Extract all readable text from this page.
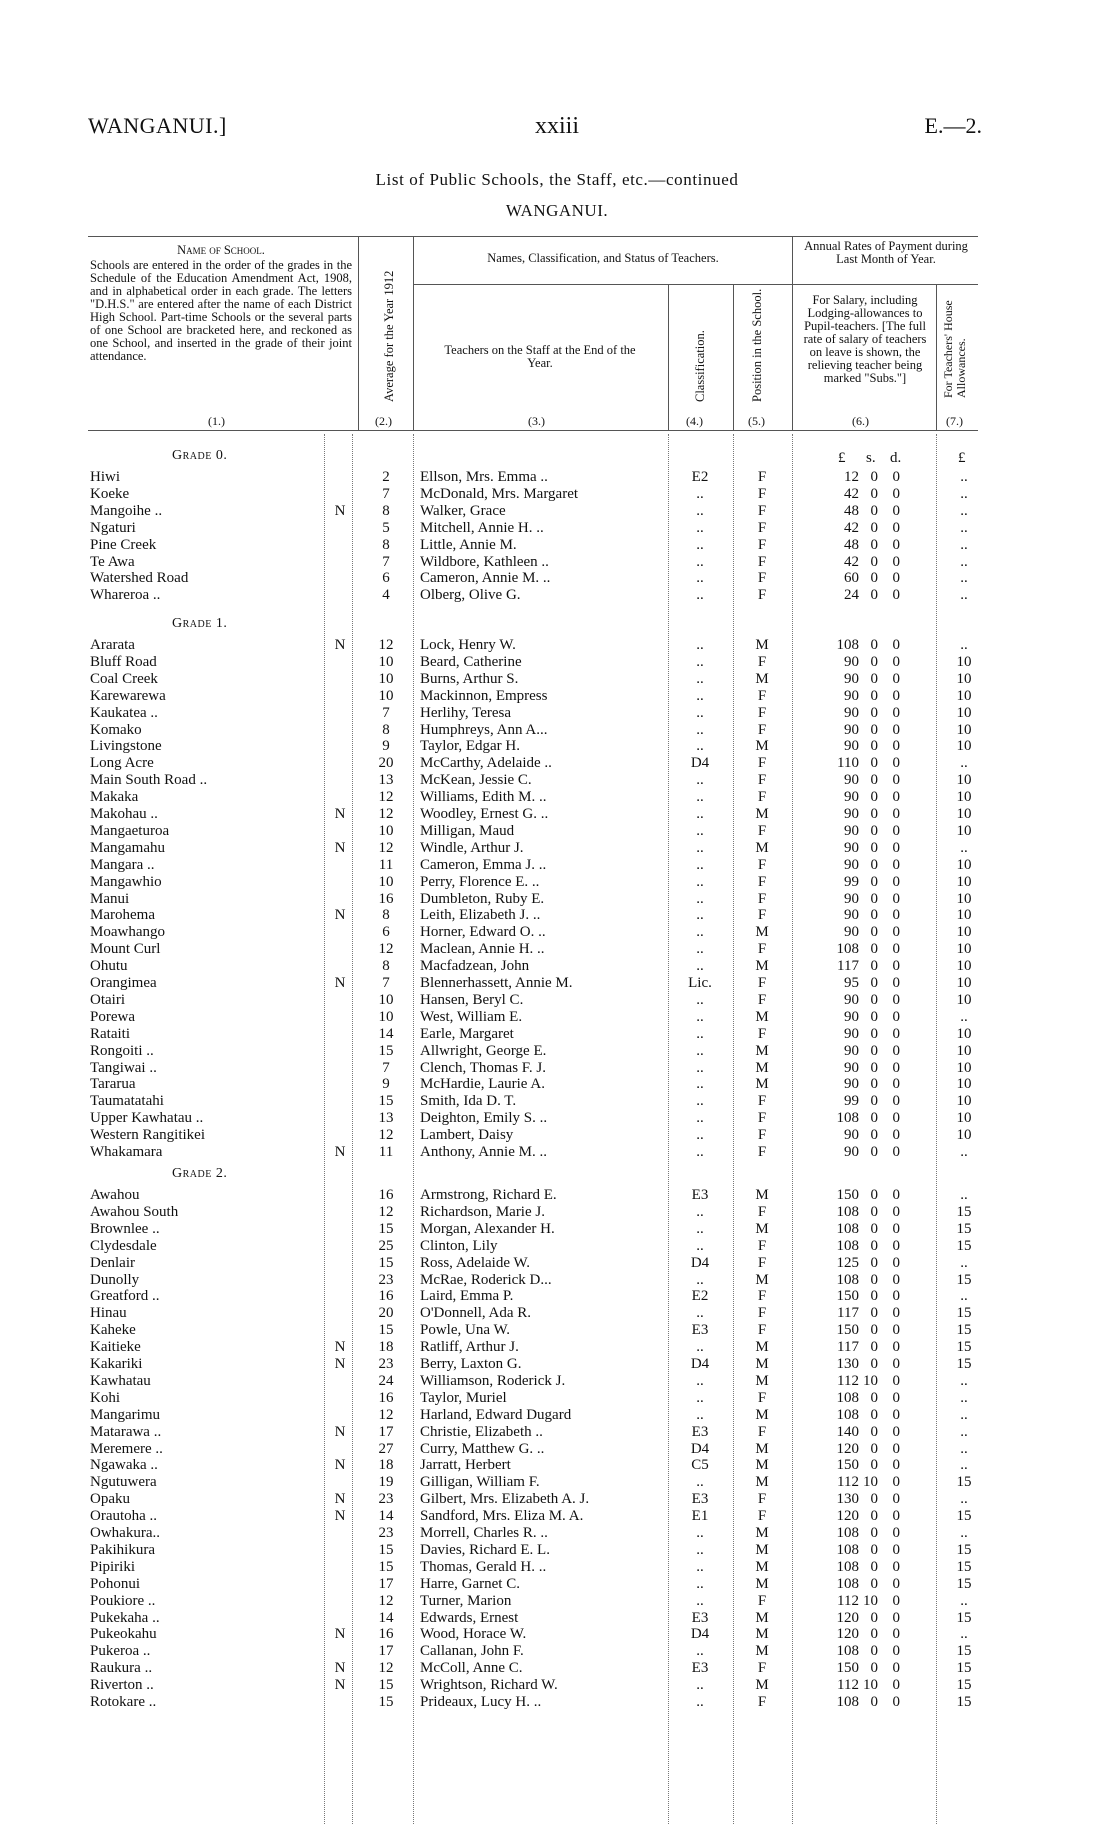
WANGANUI.]	xxiii	E.—2.
List of Public Schools, the Staff, etc.—continued
WANGANUI.
Name of School.
Schools are entered in the order of the grades in the Schedule of the Education Amendment Act, 1908, and in alphabetical order in each grade. The letters "D.H.S." are entered after the name of each District High School. Part-time Schools or the several parts of one School are bracketed here, and reckoned as one School, and inserted in the grade of their joint attendance.	Average for the Year 1912
Names, Classification, and Status of Teachers.
Teachers on the Staff at the End of the Year.	Classification.	Position in the School.
Annual Rates of Payment during Last Month of Year.
For Salary, including Lodging-allowances to Pupil-teachers. [The full rate of salary of teachers on leave is shown, the relieving teacher being marked "Subs."]	For Teachers' House Allowances.
(1.)	(2.)	(3.)	(4.)	(5.)	(6.)	(7.)
£ s. d.	£
Grade 0.
Hiwi	2	Ellson, Mrs. Emma ..	E2	F	12 0 0	..
Koeke	7	McDonald, Mrs. Margaret	..	F	42 0 0	..
Mangoihe ..	N	8	Walker, Grace	..	F	48 0 0	..
Ngaturi	5	Mitchell, Annie H. ..	..	F	42 0 0	..
Pine Creek	8	Little, Annie M.	..	F	48 0 0	..
Te Awa	7	Wildbore, Kathleen ..	..	F	42 0 0	..
Watershed Road	6	Cameron, Annie M. ..	..	F	60 0 0	..
Wharerоa ..	4	Olberg, Olive G.	..	F	24 0 0	..
Grade 1.
Ararata	N	12	Lock, Henry W.	..	M	108 0 0	..
Bluff Road	10	Beard, Catherine	..	F	90 0 0	10
Coal Creek	10	Burns, Arthur S.	..	M	90 0 0	10
Karewarewa	10	Mackinnon, Empress	..	F	90 0 0	10
Kaukatea ..	7	Herlihy, Teresa	..	F	90 0 0	10
Komako	8	Humphreys, Ann A...	..	F	90 0 0	10
Livingstone	9	Taylor, Edgar H.	..	M	90 0 0	10
Long Acre	20	McCarthy, Adelaide ..	D4	F	110 0 0	..
Main South Road ..	13	McKean, Jessie C.	..	F	90 0 0	10
Makaka	12	Williams, Edith M. ..	..	F	90 0 0	10
Makohau ..	N	12	Woodley, Ernest G. ..	..	M	90 0 0	10
Mangaeturoa	10	Milligan, Maud	..	F	90 0 0	10
Mangamahu	N	12	Windle, Arthur J.	..	M	90 0 0	..
Mangara ..	11	Cameron, Emma J. ..	..	F	90 0 0	10
Mangawhio	10	Perry, Florence E. ..	..	F	99 0 0	10
Manui	16	Dumbleton, Ruby E.	..	F	90 0 0	10
Marohema	N	8	Leith, Elizabeth J. ..	..	F	90 0 0	10
Moawhango	6	Horner, Edward O. ..	..	M	90 0 0	10
Mount Curl	12	Maclean, Annie H. ..	..	F	108 0 0	10
Ohutu	8	Macfadzean, John	..	M	117 0 0	10
Orangimea	N	7	Blennerhassett, Annie M.	Lic.	F	95 0 0	10
Otairi	10	Hansen, Beryl C.	..	F	90 0 0	10
Porewa	10	West, William E.	..	M	90 0 0	..
Rataiti	14	Earle, Margaret	..	F	90 0 0	10
Rongoiti ..	15	Allwright, George E.	..	M	90 0 0	10
Tangiwai ..	7	Clench, Thomas F. J.	..	M	90 0 0	10
Tararua	9	McHardie, Laurie A.	..	M	90 0 0	10
Taumatatahi	15	Smith, Ida D. T.	..	F	99 0 0	10
Upper Kawhatau ..	13	Deighton, Emily S. ..	..	F	108 0 0	10
Western Rangitikei	12	Lambert, Daisy	..	F	90 0 0	10
Whakamara	N	11	Anthony, Annie M. ..	..	F	90 0 0	..
Grade 2.
Awahou	16	Armstrong, Richard E.	E3	M	150 0 0	..
Awahou South	12	Richardson, Marie J.	..	F	108 0 0	15
Brownlee ..	15	Morgan, Alexander H.	..	M	108 0 0	15
Clydesdale	25	Clinton, Lily	..	F	108 0 0	15
Denlair	15	Ross, Adelaide W.	D4	F	125 0 0	..
Dunolly	23	McRae, Roderick D...	..	M	108 0 0	15
Greatford ..	16	Laird, Emma P.	E2	F	150 0 0	..
Hinau	20	O'Donnell, Ada R.	..	F	117 0 0	15
Kaheke	15	Powle, Una W.	E3	F	150 0 0	15
Kaitieke	N	18	Ratliff, Arthur J.	..	M	117 0 0	15
Kakariki	N	23	Berry, Laxton G.	D4	M	130 0 0	15
Kawhatau	24	Williamson, Roderick J.	..	M	112 10 0	..
Kohi	16	Taylor, Muriel	..	F	108 0 0	..
Mangarimu	12	Harland, Edward Dugard	..	M	108 0 0	..
Matarawa ..	N	17	Christie, Elizabeth ..	E3	F	140 0 0	..
Meremere ..	27	Curry, Matthew G. ..	D4	M	120 0 0	..
Ngawaka ..	N	18	Jarratt, Herbert	C5	M	150 0 0	..
Ngutuwera	19	Gilligan, William F.	..	M	112 10 0	15
Opaku	N	23	Gilbert, Mrs. Elizabeth A. J.	E3	F	130 0 0	..
Orautoha ..	N	14	Sandford, Mrs. Eliza M. A.	E1	F	120 0 0	15
Owhakura..	23	Morrell, Charles R. ..	..	M	108 0 0	..
Pakihikura	15	Davies, Richard E. L.	..	M	108 0 0	15
Pipiriki	15	Thomas, Gerald H. ..	..	M	108 0 0	15
Pohonui	17	Harre, Garnet C.	..	M	108 0 0	15
Poukiore ..	12	Turner, Marion	..	F	112 10 0	..
Pukekaha ..	14	Edwards, Ernest	E3	M	120 0 0	15
Pukeokahu	N	16	Wood, Horace W.	D4	M	120 0 0	..
Pukeroa ..	17	Callanan, John F.	..	M	108 0 0	15
Raukura ..	N	12	McColl, Anne C.	E3	F	150 0 0	15
Riverton ..	N	15	Wrightson, Richard W.	..	M	112 10 0	15
Rotokare ..	15	Prideaux, Lucy H. ..	..	F	108 0 0	15
